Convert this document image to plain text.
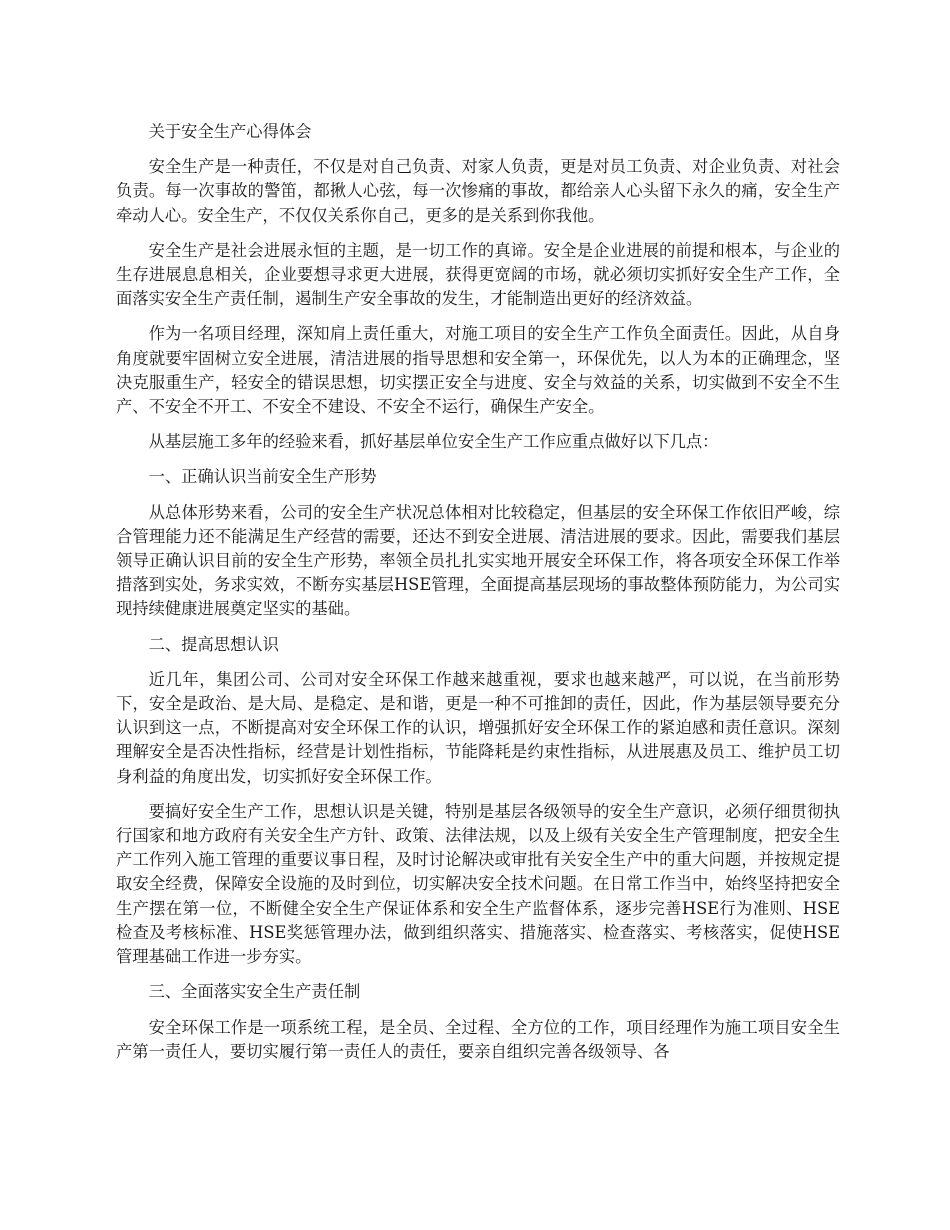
关于安全生产心得体会

安全生产是一种责任，不仅是对自己负责、对家人负责，更是对员工负责、对企业负责、对社会负责。每一次事故的警笛，都揪人心弦，每一次惨痛的事故，都给亲人心头留下永久的痛，安全生产牵动人心。安全生产，不仅仅关系你自己，更多的是关系到你我他。

安全生产是社会进展永恒的主题，是一切工作的真谛。安全是企业进展的前提和根本，与企业的生存进展息息相关，企业要想寻求更大进展，获得更宽阔的市场，就必须切实抓好安全生产工作，全面落实安全生产责任制，遏制生产安全事故的发生，才能制造出更好的经济效益。

作为一名项目经理，深知肩上责任重大，对施工项目的安全生产工作负全面责任。因此，从自身角度就要牢固树立安全进展，清洁进展的指导思想和安全第一，环保优先，以人为本的正确理念，坚决克服重生产，轻安全的错误思想，切实摆正安全与进度、安全与效益的关系，切实做到不安全不生产、不安全不开工、不安全不建设、不安全不运行，确保生产安全。

从基层施工多年的经验来看，抓好基层单位安全生产工作应重点做好以下几点：

一、正确认识当前安全生产形势

从总体形势来看，公司的安全生产状况总体相对比较稳定，但基层的安全环保工作依旧严峻，综合管理能力还不能满足生产经营的需要，还达不到安全进展、清洁进展的要求。因此，需要我们基层领导正确认识目前的安全生产形势，率领全员扎扎实实地开展安全环保工作，将各项安全环保工作举措落到实处，务求实效，不断夯实基层HSE管理，全面提高基层现场的事故整体预防能力，为公司实现持续健康进展奠定坚实的基础。

二、提高思想认识

近几年，集团公司、公司对安全环保工作越来越重视，要求也越来越严，可以说，在当前形势下，安全是政治、是大局、是稳定、是和谐，更是一种不可推卸的责任，因此，作为基层领导要充分认识到这一点，不断提高对安全环保工作的认识，增强抓好安全环保工作的紧迫感和责任意识。深刻理解安全是否决性指标，经营是计划性指标，节能降耗是约束性指标，从进展惠及员工、维护员工切身利益的角度出发，切实抓好安全环保工作。

要搞好安全生产工作，思想认识是关键，特别是基层各级领导的安全生产意识，必须仔细贯彻执行国家和地方政府有关安全生产方针、政策、法律法规，以及上级有关安全生产管理制度，把安全生产工作列入施工管理的重要议事日程，及时讨论解决或审批有关安全生产中的重大问题，并按规定提取安全经费，保障安全设施的及时到位，切实解决安全技术问题。在日常工作当中，始终坚持把安全生产摆在第一位，不断健全安全生产保证体系和安全生产监督体系，逐步完善HSE行为准则、HSE检查及考核标准、HSE奖惩管理办法，做到组织落实、措施落实、检查落实、考核落实，促使HSE管理基础工作进一步夯实。

三、全面落实安全生产责任制

安全环保工作是一项系统工程，是全员、全过程、全方位的工作，项目经理作为施工项目安全生产第一责任人，要切实履行第一责任人的责任，要亲自组织完善各级领导、各
